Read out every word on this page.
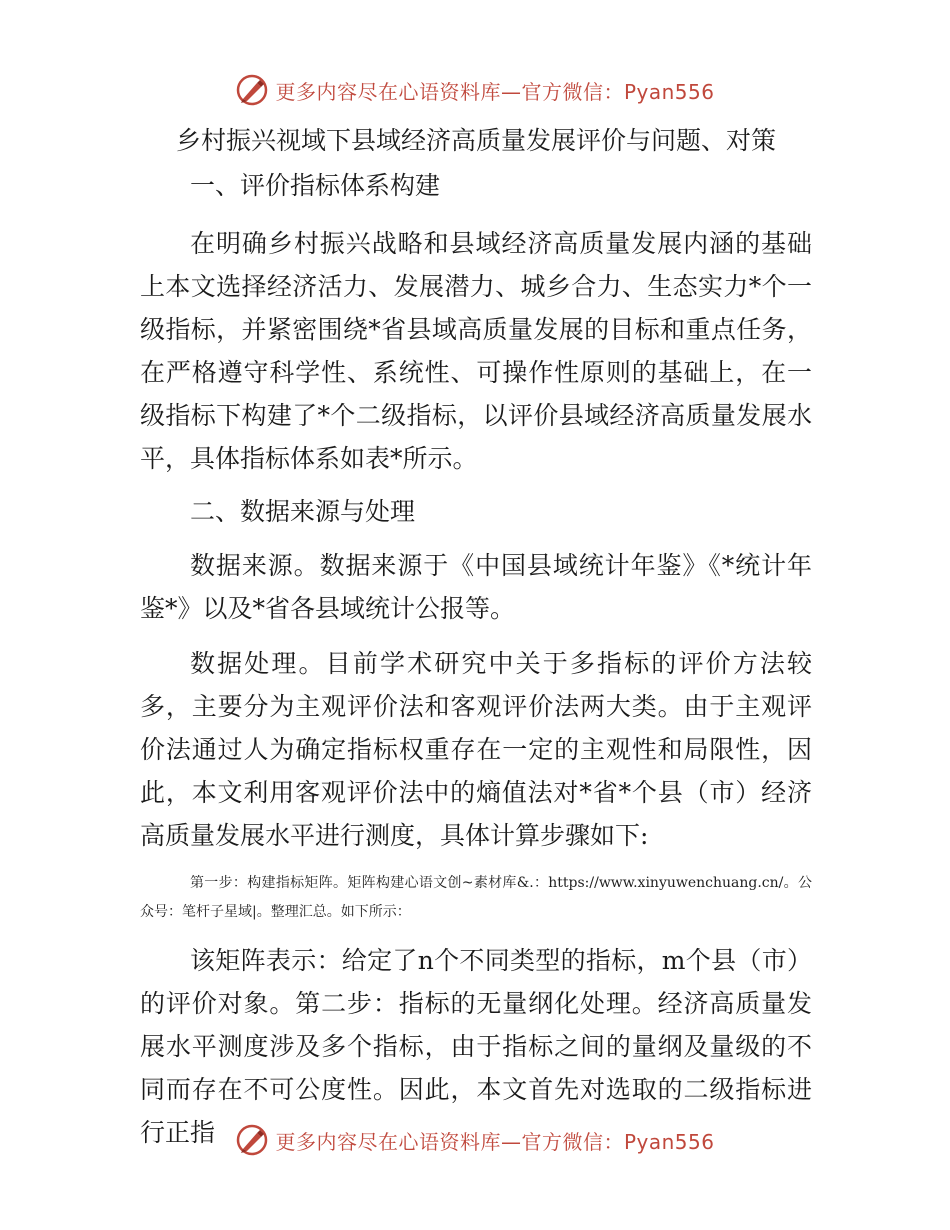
更多内容尽在心语资料库—官方微信：Pyan556
乡村振兴视域下县域经济高质量发展评价与问题、对策
一、评价指标体系构建

在明确乡村振兴战略和县域经济高质量发展内涵的基础上本文选择经济活力、发展潜力、城乡合力、生态实力*个一级指标，并紧密围绕*省县域高质量发展的目标和重点任务，在严格遵守科学性、系统性、可操作性原则的基础上，在一级指标下构建了*个二级指标，以评价县域经济高质量发展水平，具体指标体系如表*所示。

二、数据来源与处理

数据来源。数据来源于《中国县域统计年鉴》《*统计年鉴*》以及*省各县域统计公报等。

数据处理。目前学术研究中关于多指标的评价方法较多，主要分为主观评价法和客观评价法两大类。由于主观评价法通过人为确定指标权重存在一定的主观性和局限性，因此，本文利用客观评价法中的熵值法对*省*个县（市）经济高质量发展水平进行测度，具体计算步骤如下:

第一步：构建指标矩阵。矩阵构建心语文创~素材库&.：https://www.xinyuwenchuang.cn/。公众号：笔杆子星域|。整理汇总。如下所示：

该矩阵表示：给定了n个不同类型的指标，m个县（市）的评价对象。第二步：指标的无量纲化处理。经济高质量发展水平测度涉及多个指标，由于指标之间的量纲及量级的不同而存在不可公度性。因此，本文首先对选取的二级指标进行正指	更多内容尽在心语资料库—官方微信：Pyan556
